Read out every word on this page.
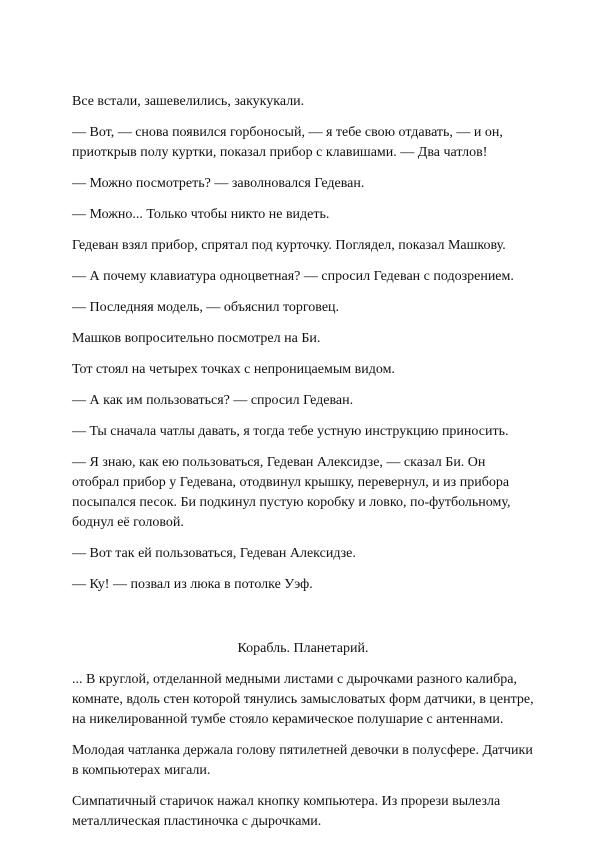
Все встали, зашевелились, закукукали.

— Вот, — снова появился горбоносый, — я тебе свою отдавать, — и он, приоткрыв полу куртки, показал прибор с клавишами. — Два чатлов!

— Можно посмотреть? — заволновался Гедеван.

— Можно... Только чтобы никто не видеть.

Гедеван взял прибор, спрятал под курточку. Поглядел, показал Машкову.

— А почему клавиатура одноцветная? — спросил Гедеван с подозрением.

— Последняя модель, — объяснил торговец.

Машков вопросительно посмотрел на Би.

Тот стоял на четырех точках с непроницаемым видом.

— А как им пользоваться? — спросил Гедеван.

— Ты сначала чатлы давать, я тогда тебе устную инструкцию приносить.

— Я знаю, как ею пользоваться, Гедеван Алексидзе, — сказал Би. Он отобрал прибор у Гедевана, отодвинул крышку, перевернул, и из прибора посыпался песок. Би подкинул пустую коробку и ловко, по-футбольному, боднул её головой.

— Вот так ей пользоваться, Гедеван Алексидзе.

— Ку! — позвал из люка в потолке Уэф.

Корабль. Планетарий.

... В круглой, отделанной медными листами с дырочками разного калибра, комнате, вдоль стен которой тянулись замысловатых форм датчики, в центре, на никелированной тумбе стояло керамическое полушарие с антеннами.

Молодая чатланка держала голову пятилетней девочки в полусфере. Датчики в компьютерах мигали.

Симпатичный старичок нажал кнопку компьютера. Из прорези вылезла металлическая пластиночка с дырочками.
